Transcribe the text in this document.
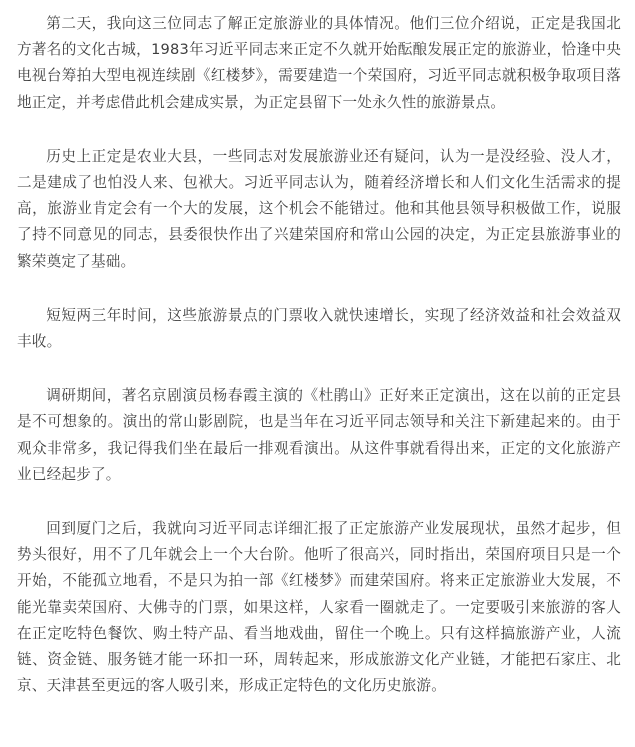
第二天，我向这三位同志了解正定旅游业的具体情况。他们三位介绍说，正定是我国北方著名的文化古城，1983年习近平同志来正定不久就开始酝酿发展正定的旅游业，恰逢中央电视台筹拍大型电视连续剧《红楼梦》，需要建造一个荣国府，习近平同志就积极争取项目落地正定，并考虑借此机会建成实景，为正定县留下一处永久性的旅游景点。

历史上正定是农业大县，一些同志对发展旅游业还有疑问，认为一是没经验、没人才，二是建成了也怕没人来、包袱大。习近平同志认为，随着经济增长和人们文化生活需求的提高，旅游业肯定会有一个大的发展，这个机会不能错过。他和其他县领导积极做工作，说服了持不同意见的同志，县委很快作出了兴建荣国府和常山公园的决定，为正定县旅游事业的繁荣奠定了基础。

短短两三年时间，这些旅游景点的门票收入就快速增长，实现了经济效益和社会效益双丰收。

调研期间，著名京剧演员杨春霞主演的《杜鹃山》正好来正定演出，这在以前的正定县是不可想象的。演出的常山影剧院，也是当年在习近平同志领导和关注下新建起来的。由于观众非常多，我记得我们坐在最后一排观看演出。从这件事就看得出来，正定的文化旅游产业已经起步了。

回到厦门之后，我就向习近平同志详细汇报了正定旅游产业发展现状，虽然才起步，但势头很好，用不了几年就会上一个大台阶。他听了很高兴，同时指出，荣国府项目只是一个开始，不能孤立地看，不是只为拍一部《红楼梦》而建荣国府。将来正定旅游业大发展，不能光靠卖荣国府、大佛寺的门票，如果这样，人家看一圈就走了。一定要吸引来旅游的客人在正定吃特色餐饮、购土特产品、看当地戏曲，留住一个晚上。只有这样搞旅游产业，人流链、资金链、服务链才能一环扣一环，周转起来，形成旅游文化产业链，才能把石家庄、北京、天津甚至更远的客人吸引来，形成正定特色的文化历史旅游。
